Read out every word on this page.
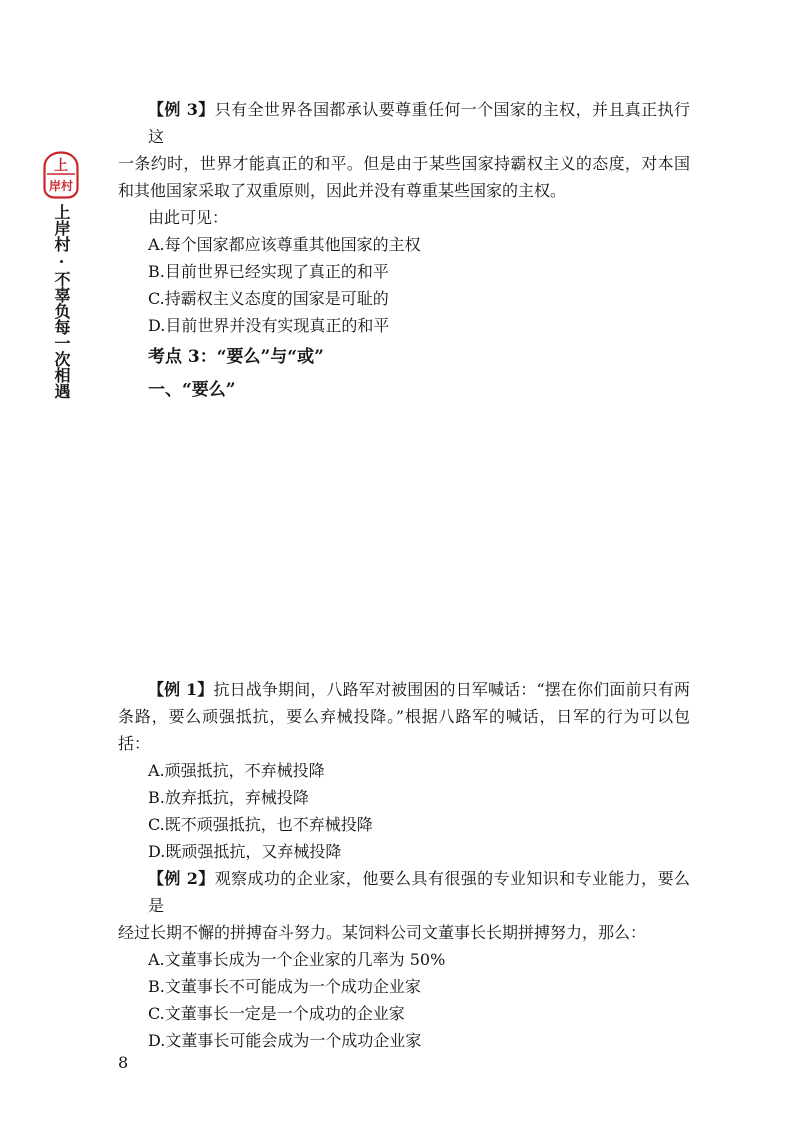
上
岸村
上岸村·不辜负每一次相遇
【例 3】只有全世界各国都承认要尊重任何一个国家的主权，并且真正执行这
一条约时，世界才能真正的和平。但是由于某些国家持霸权主义的态度，对本国
和其他国家采取了双重原则，因此并没有尊重某些国家的主权。
由此可见：
A.每个国家都应该尊重其他国家的主权
B.目前世界已经实现了真正的和平
C.持霸权主义态度的国家是可耻的
D.目前世界并没有实现真正的和平
考点 3：“要么”与“或”
一、“要么”
【例 1】抗日战争期间，八路军对被围困的日军喊话：“摆在你们面前只有两
条路，要么顽强抵抗，要么弃械投降。”根据八路军的喊话，日军的行为可以包
括：
A.顽强抵抗，不弃械投降
B.放弃抵抗，弃械投降
C.既不顽强抵抗，也不弃械投降
D.既顽强抵抗，又弃械投降
【例 2】观察成功的企业家，他要么具有很强的专业知识和专业能力，要么是
经过长期不懈的拼搏奋斗努力。某饲料公司文董事长长期拼搏努力，那么：
A.文董事长成为一个企业家的几率为 50%
B.文董事长不可能成为一个成功企业家
C.文董事长一定是一个成功的企业家
D.文董事长可能会成为一个成功企业家
8
